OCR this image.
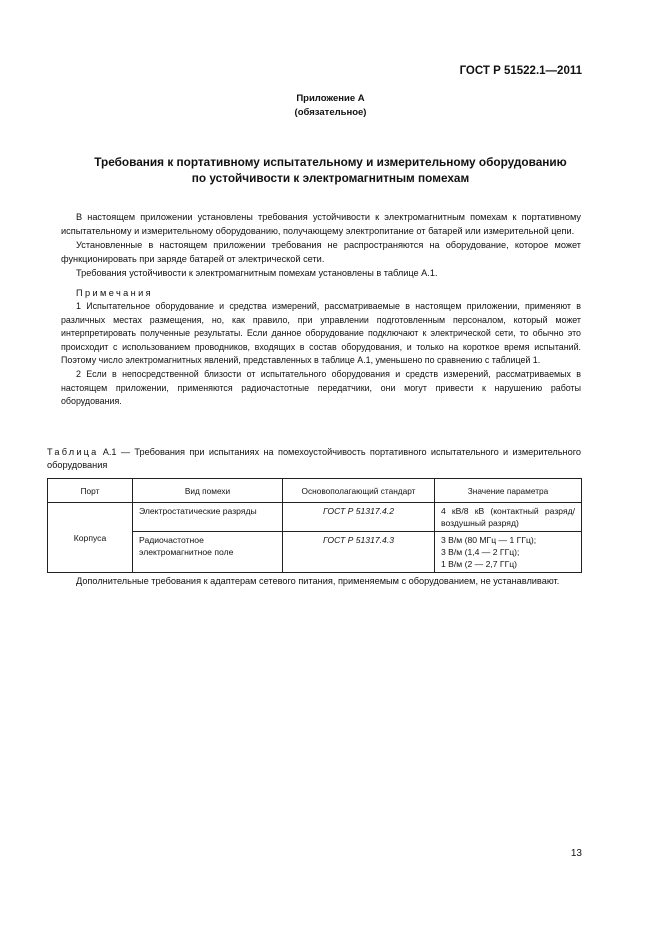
ГОСТ Р 51522.1—2011
Приложение А
(обязательное)
Требования к портативному испытательному и измерительному оборудованию
по устойчивости к электромагнитным помехам

В настоящем приложении установлены требования устойчивости к электромагнитным помехам к портативному испытательному и измерительному оборудованию, получающему электропитание от батарей или измерительной цепи.

Установленные в настоящем приложении требования не распространяются на оборудование, которое может функционировать при заряде батарей от электрической сети.

Требования устойчивости к электромагнитным помехам установлены в таблице А.1.

Примечания

1 Испытательное оборудование и средства измерений, рассматриваемые в настоящем приложении, применяют в различных местах размещения, но, как правило, при управлении подготовленным персоналом, который может интерпретировать полученные результаты. Если данное оборудование подключают к электрической сети, то обычно это происходит с использованием проводников, входящих в состав оборудования, и только на короткое время испытаний. Поэтому число электромагнитных явлений, представленных в таблице А.1, уменьшено по сравнению с таблицей 1.

2 Если в непосредственной близости от испытательного оборудования и средств измерений, рассматриваемых в настоящем приложении, применяются радиочастотные передатчики, они могут привести к нарушению работы оборудования.

Таблица А.1 — Требования при испытаниях на помехоустойчивость портативного испытательного и измерительного оборудования
Порт	Вид помехи	Основополагающий стандарт	Значение параметра
Корпуса	Электростатические разряды	ГОСТ Р 51317.4.2	4 кВ/8 кВ (контактный разряд/воздушный разряд)
	Радиочастотное электромагнитное поле	ГОСТ Р 51317.4.3	3 В/м (80 МГц — 1 ГГц);
3 В/м (1,4 — 2 ГГц);
1 В/м (2 — 2,7 ГГц)
Дополнительные требования к адаптерам сетевого питания, применяемым с оборудованием, не устанавливают.
13
